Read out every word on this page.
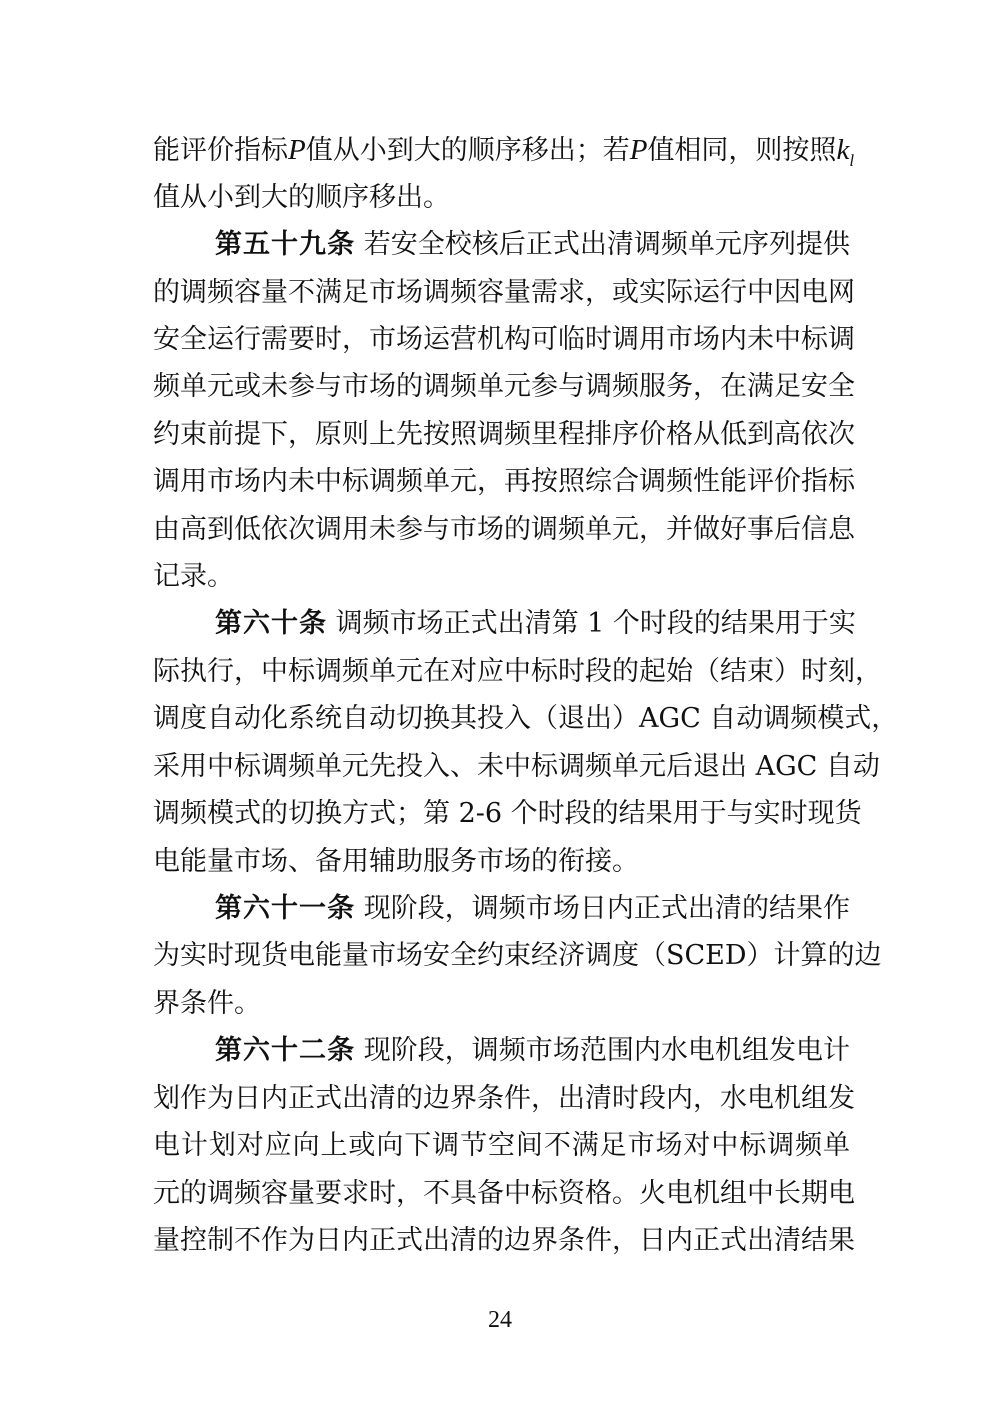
能评价指标P值从小到大的顺序移出；若P值相同，则按照$k_l$
值从小到大的顺序移出。
第五十九条 若安全校核后正式出清调频单元序列提供
的调频容量不满足市场调频容量需求，或实际运行中因电网
安全运行需要时，市场运营机构可临时调用市场内未中标调
频单元或未参与市场的调频单元参与调频服务，在满足安全
约束前提下，原则上先按照调频里程排序价格从低到高依次
调用市场内未中标调频单元，再按照综合调频性能评价指标
由高到低依次调用未参与市场的调频单元，并做好事后信息
记录。
第六十条 调频市场正式出清第 1 个时段的结果用于实
际执行，中标调频单元在对应中标时段的起始（结束）时刻，
调度自动化系统自动切换其投入（退出）AGC 自动调频模式，
采用中标调频单元先投入、未中标调频单元后退出 AGC 自动
调频模式的切换方式；第 2-6 个时段的结果用于与实时现货
电能量市场、备用辅助服务市场的衔接。
第六十一条 现阶段，调频市场日内正式出清的结果作
为实时现货电能量市场安全约束经济调度（SCED）计算的边
界条件。
第六十二条 现阶段，调频市场范围内水电机组发电计
划作为日内正式出清的边界条件，出清时段内，水电机组发
电计划对应向上或向下调节空间不满足市场对中标调频单
元的调频容量要求时，不具备中标资格。火电机组中长期电
量控制不作为日内正式出清的边界条件，日内正式出清结果
24
